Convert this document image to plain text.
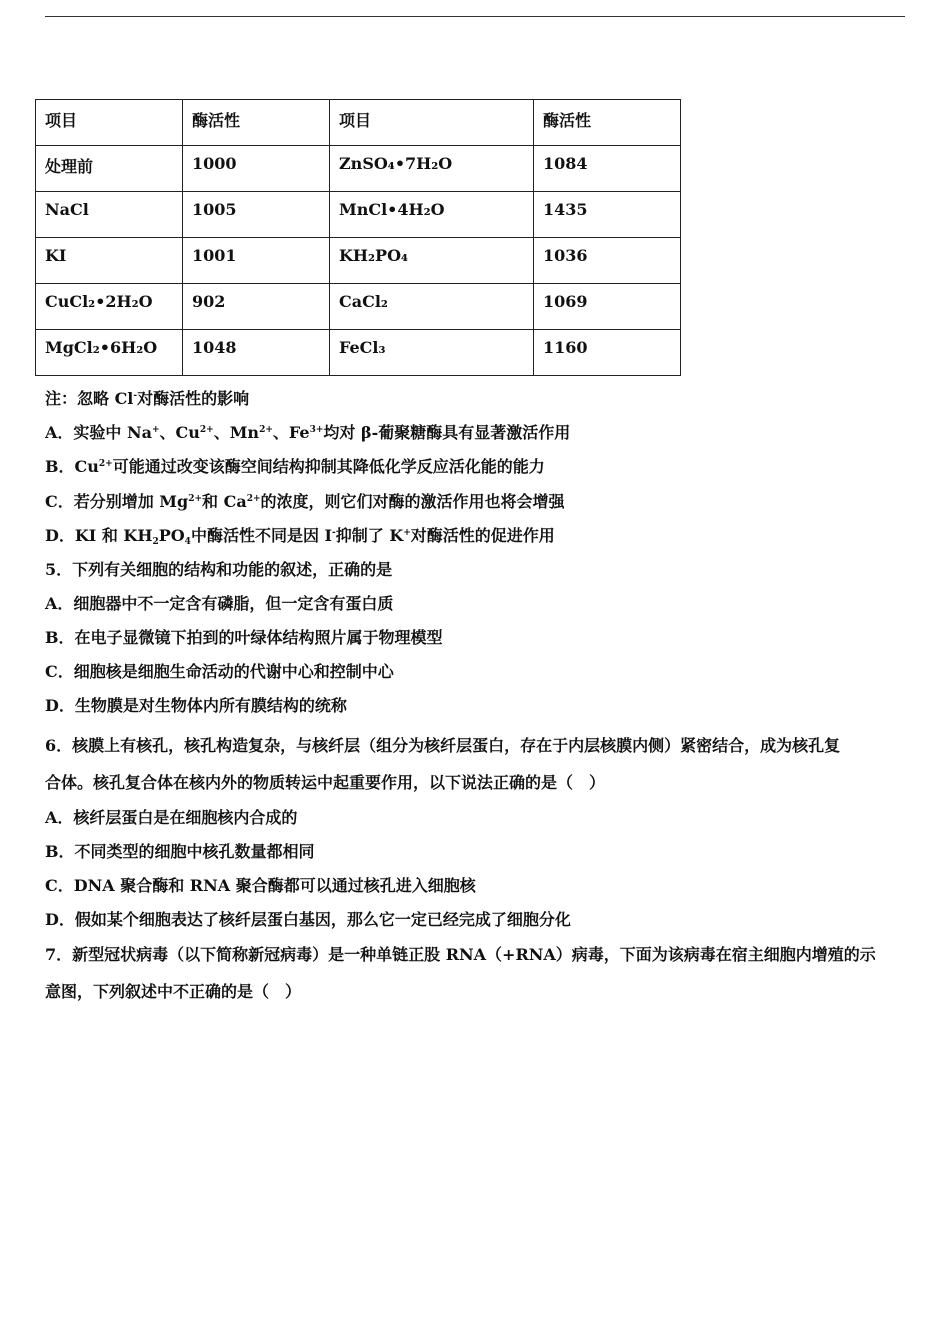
项目	酶活性	项目	酶活性
处理前	1000	ZnSO₄•7H₂O	1084
NaCl	1005	MnCl•4H₂O	1435
KI	1001	KH₂PO₄	1036
CuCl₂•2H₂O	902	CaCl₂	1069
MgCl₂•6H₂O	1048	FeCl₃	1160
注：忽略 Cl-对酶活性的影响
A．实验中 Na+、$Cu^{2+}$、$Mn^{2+}$、$Fe^{3+}$均对 β-葡聚糖酶具有显著激活作用
B．$Cu^{2+}$可能通过改变该酶空间结构抑制其降低化学反应活化能的能力
C．若分别增加 $Mg^{2+}$和 $Ca^{2+}$的浓度，则它们对酶的激活作用也将会增强
D．KI 和 $KH_2PO_4$中酶活性不同是因 I-抑制了 K+对酶活性的促进作用
5．下列有关细胞的结构和功能的叙述，正确的是
A．细胞器中不一定含有磷脂，但一定含有蛋白质
B．在电子显微镜下拍到的叶绿体结构照片属于物理模型
C．细胞核是细胞生命活动的代谢中心和控制中心
D．生物膜是对生物体内所有膜结构的统称
6．核膜上有核孔，核孔构造复杂，与核纤层（组分为核纤层蛋白，存在于内层核膜内侧）紧密结合，成为核孔复
合体。核孔复合体在核内外的物质转运中起重要作用，以下说法正确的是（　）
A．核纤层蛋白是在细胞核内合成的
B．不同类型的细胞中核孔数量都相同
C．DNA 聚合酶和 RNA 聚合酶都可以通过核孔进入细胞核
D．假如某个细胞表达了核纤层蛋白基因，那么它一定已经完成了细胞分化
7．新型冠状病毒（以下简称新冠病毒）是一种单链正股 RNA（+RNA）病毒，下面为该病毒在宿主细胞内增殖的示
意图，下列叙述中不正确的是（　）
